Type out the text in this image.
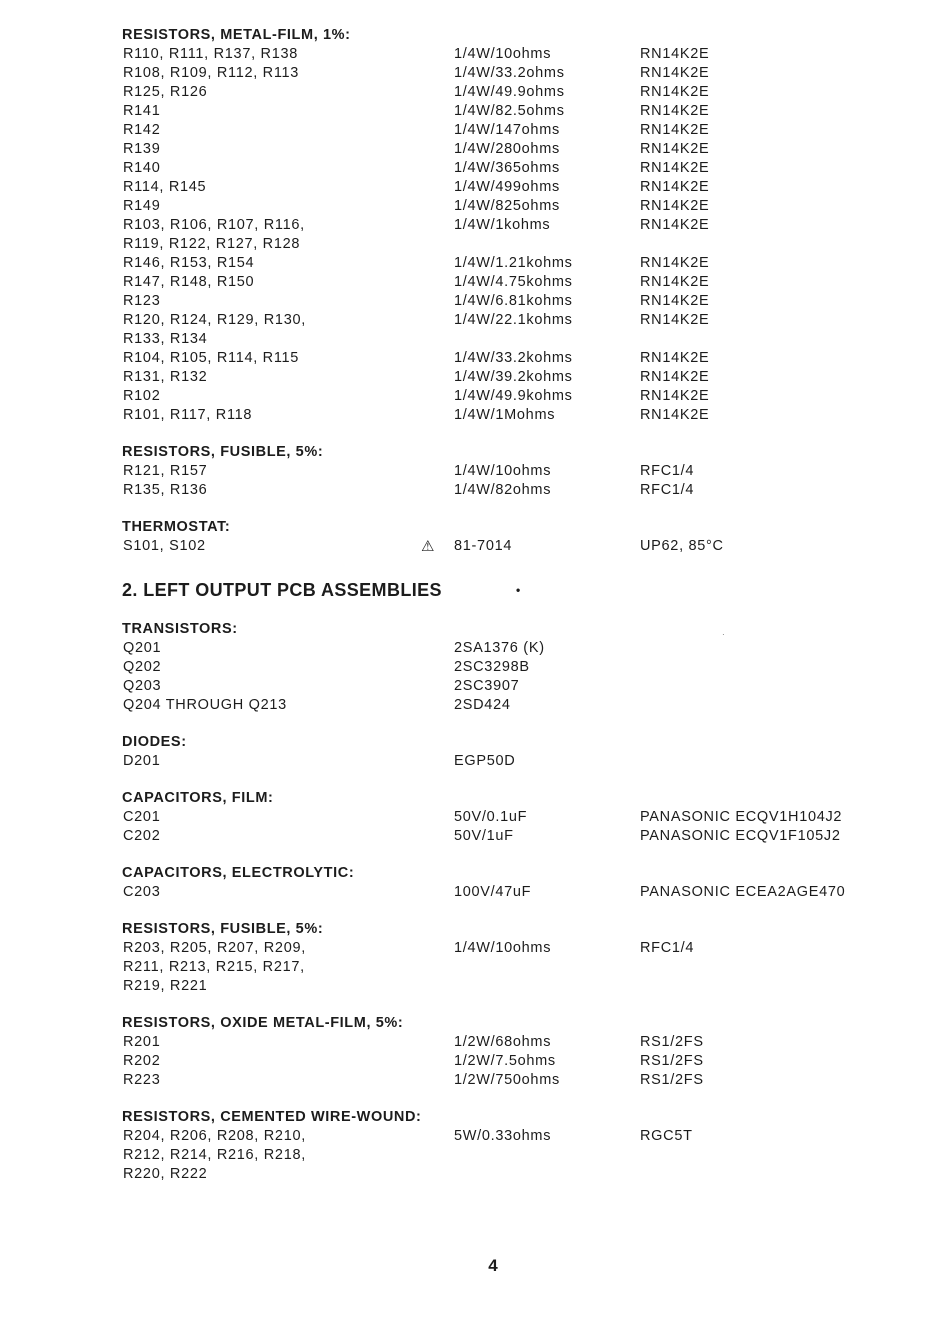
RESISTORS, METAL-FILM, 1%:
R110, R111, R137, R138	1/4W/10ohms	RN14K2E
R108, R109, R112, R113	1/4W/33.2ohms	RN14K2E
R125, R126	1/4W/49.9ohms	RN14K2E
R141	1/4W/82.5ohms	RN14K2E
R142	1/4W/147ohms	RN14K2E
R139	1/4W/280ohms	RN14K2E
R140	1/4W/365ohms	RN14K2E
R114, R145	1/4W/499ohms	RN14K2E
R149	1/4W/825ohms	RN14K2E
R103, R106, R107, R116,	1/4W/1kohms	RN14K2E
R119, R122, R127, R128
R146, R153, R154	1/4W/1.21kohms	RN14K2E
R147, R148, R150	1/4W/4.75kohms	RN14K2E
R123	1/4W/6.81kohms	RN14K2E
R120, R124, R129, R130,	1/4W/22.1kohms	RN14K2E
R133, R134
R104, R105, R114, R115	1/4W/33.2kohms	RN14K2E
R131, R132	1/4W/39.2kohms	RN14K2E
R102	1/4W/49.9kohms	RN14K2E
R101, R117, R118	1/4W/1Mohms	RN14K2E
RESISTORS, FUSIBLE, 5%:
R121, R157	1/4W/10ohms	RFC1/4
R135, R136	1/4W/82ohms	RFC1/4
THERMOSTAT:
S101, S102	81-7014	UP62, 85°C
⚠
2. LEFT OUTPUT PCB ASSEMBLIES	•
TRANSISTORS:
Q201	2SA1376 (K)
Q202	2SC3298B
Q203	2SC3907
Q204 THROUGH Q213	2SD424
DIODES:
D201	EGP50D
CAPACITORS, FILM:
C201	50V/0.1uF	PANASONIC ECQV1H104J2
C202	50V/1uF	PANASONIC ECQV1F105J2
CAPACITORS, ELECTROLYTIC:
C203	100V/47uF	PANASONIC ECEA2AGE470
RESISTORS, FUSIBLE, 5%:
R203, R205, R207, R209,	1/4W/10ohms	RFC1/4
R211, R213, R215, R217,
R219, R221
RESISTORS, OXIDE METAL-FILM, 5%:
R201	1/2W/68ohms	RS1/2FS
R202	1/2W/7.5ohms	RS1/2FS
R223	1/2W/750ohms	RS1/2FS
RESISTORS, CEMENTED WIRE-WOUND:
R204, R206, R208, R210,	5W/0.33ohms	RGC5T
R212, R214, R216, R218,
R220, R222
·
4
